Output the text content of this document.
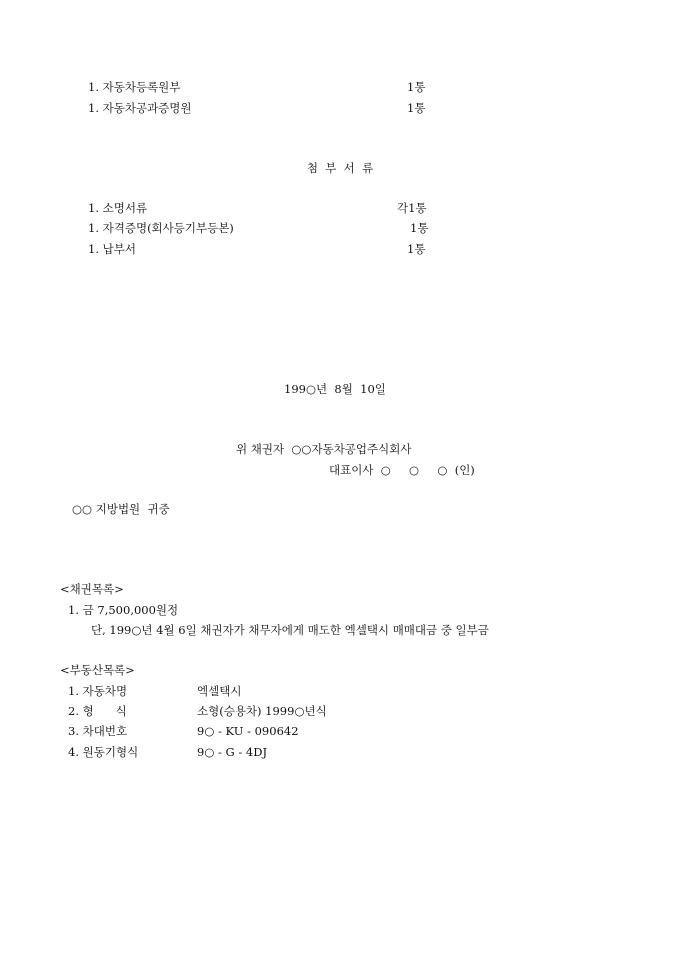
1. 자동차등록원부	1통
1. 자동차공과증명원	1통
첨  부  서  류
1. 소명서류	각1통
1. 자격증명(회사등기부등본)	1통
1. 납부서	1통
199○년  8월  10일
위 채권자  ○○자동차공업주식회사
대표이사  ○     ○     ○  (인)
○○ 지방법원  귀중
<채권목록>
1. 금 7,500,000원정
단, 199○년 4월 6일 채권자가 채무자에게 매도한 엑셀택시 매매대금 중 일부금
<부동산목록>
1. 자동차명	엑셀택시
2. 형      식	소형(승용차) 1999○년식
3. 차대번호	9○ - KU - 090642
4. 원동기형식	9○ - G - 4DJ
